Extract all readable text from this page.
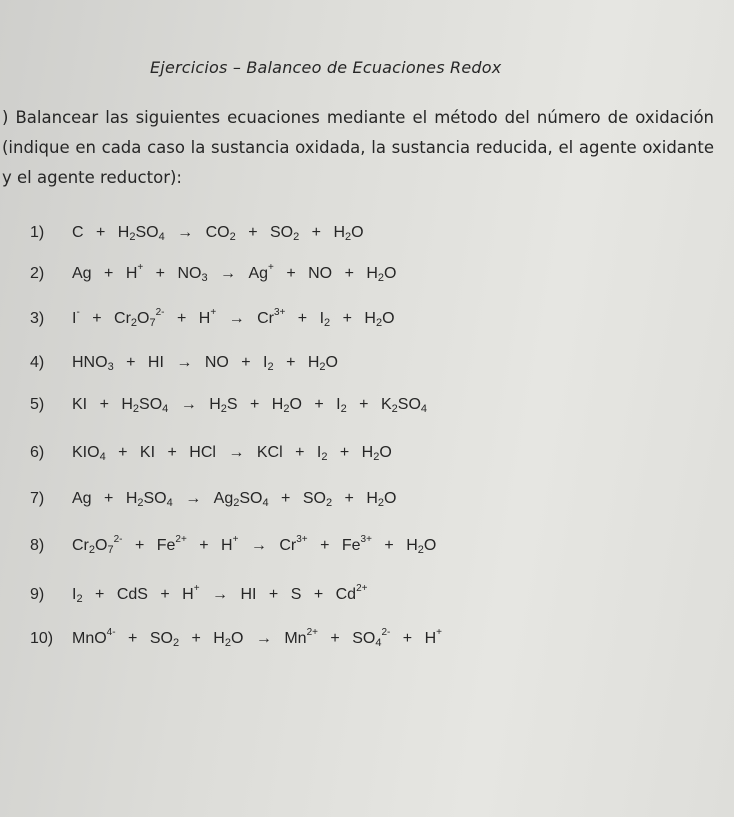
Ejercicios – Balanceo de Ecuaciones Redox
) Balancear las siguientes ecuaciones mediante el método del número de oxidación (indique en cada caso la sustancia oxidada, la sustancia reducida, el agente oxidante y el agente reductor):
1) $C + H_2SO_4 \to CO_2 + SO_2 + H_2O$
2) $Ag + H^+ + NO_3 \to Ag^+$ + NO + $H_2O$
3) $I^- + Cr_2O_7^{2-} + H^+ \to Cr^{3+} + I_2 + H_2O$
4) $HNO_3$ + HI → NO + $I_2 + H_2O$
5) KI + $H_2SO_4 \to H_2S + H_2O + I_2 + K_2SO_4$
6) $KIO_4$ + KI + HCl → KCl + $I_2 + H_2O$
7) $Ag + H_2SO_4 \to Ag_2SO_4 + SO_2 + H_2O$
8) $Cr_2O_7^{2-} + Fe^{2+} + H^+ \to Cr^{3+} + Fe^{3+} + H_2O$
9) $I_2$ + CdS + H+ → HI + $S + Cd^{2+}$
10) $MnO^{4-} + SO_2 + H_2O \to Mn^{2+} + SO_4^{2-} + H^+$
